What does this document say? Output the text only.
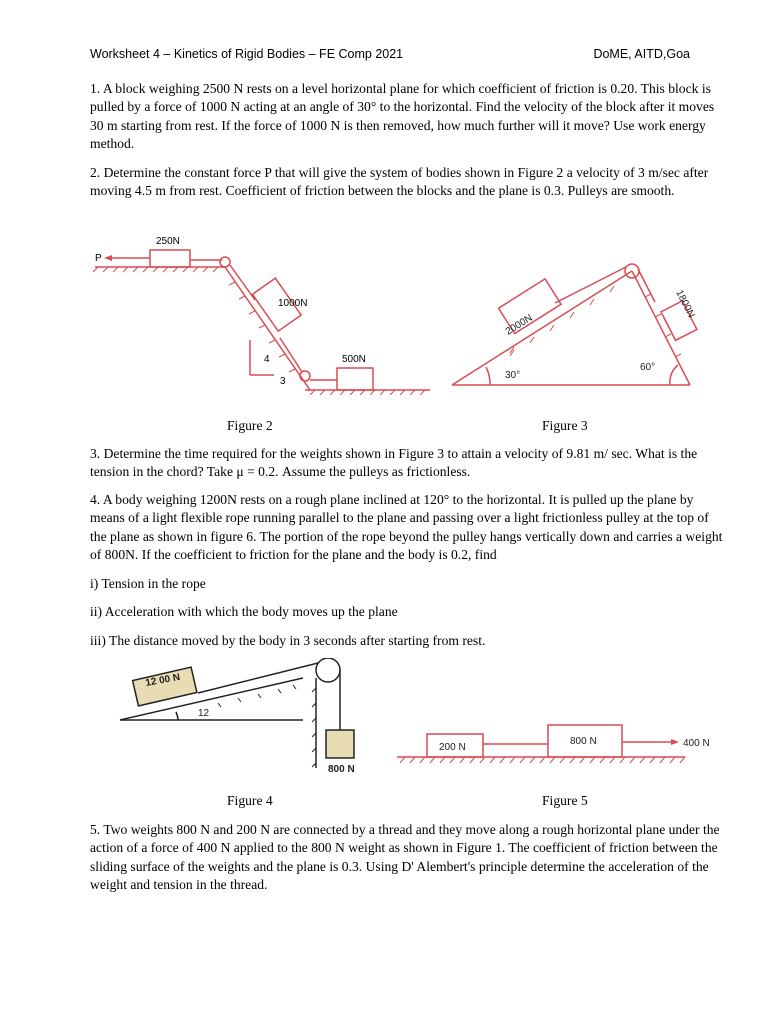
Worksheet 4 – Kinetics of Rigid Bodies – FE Comp 2021	DoME, AITD,Goa

1. A block weighing 2500 N rests on a level horizontal plane for which coefficient of friction is 0.20. This block is pulled by a force of 1000 N acting at an angle of 30° to the horizontal. Find the velocity of the block after it moves 30 m starting from rest. If the force of 1000 N is then removed, how much further will it move? Use work energy method.

2. Determine the constant force P that will give the system of bodies shown in Figure 2 a velocity of 3 m/sec after moving 4.5 m from rest. Coefficient of friction between the blocks and the plane is 0.3. Pulleys are smooth.

P
250N
1000N
500N
4
3
2000N
1800N
30°
60°
Figure 2	Figure 3

3. Determine the time required for the weights shown in Figure 3 to attain a velocity of 9.81 m/ sec. What is the tension in the chord? Take μ = 0.2. Assume the pulleys as frictionless.

4. A body weighing 1200N rests on a rough plane inclined at 120° to the horizontal. It is pulled up the plane by means of a light flexible rope running parallel to the plane and passing over a light frictionless pulley at the top of the plane as shown in figure 6. The portion of the rope beyond the pulley hangs vertically down and carries a weight of 800N. If the coefficient to friction for the plane and the body is 0.2, find

i) Tension in the rope

ii) Acceleration with which the body moves up the plane

iii) The distance moved by the body in 3 seconds after starting from rest.

12 00 N
800 N
12
200 N
800 N	400 N
Figure 4	Figure 5

5. Two weights 800 N and 200 N are connected by a thread and they move along a rough horizontal plane under the action of a force of 400 N applied to the 800 N weight as shown in Figure 1. The coefficient of friction between the sliding surface of the weights and the plane is 0.3. Using D' Alembert's principle determine the acceleration of the weight and tension in the thread.
